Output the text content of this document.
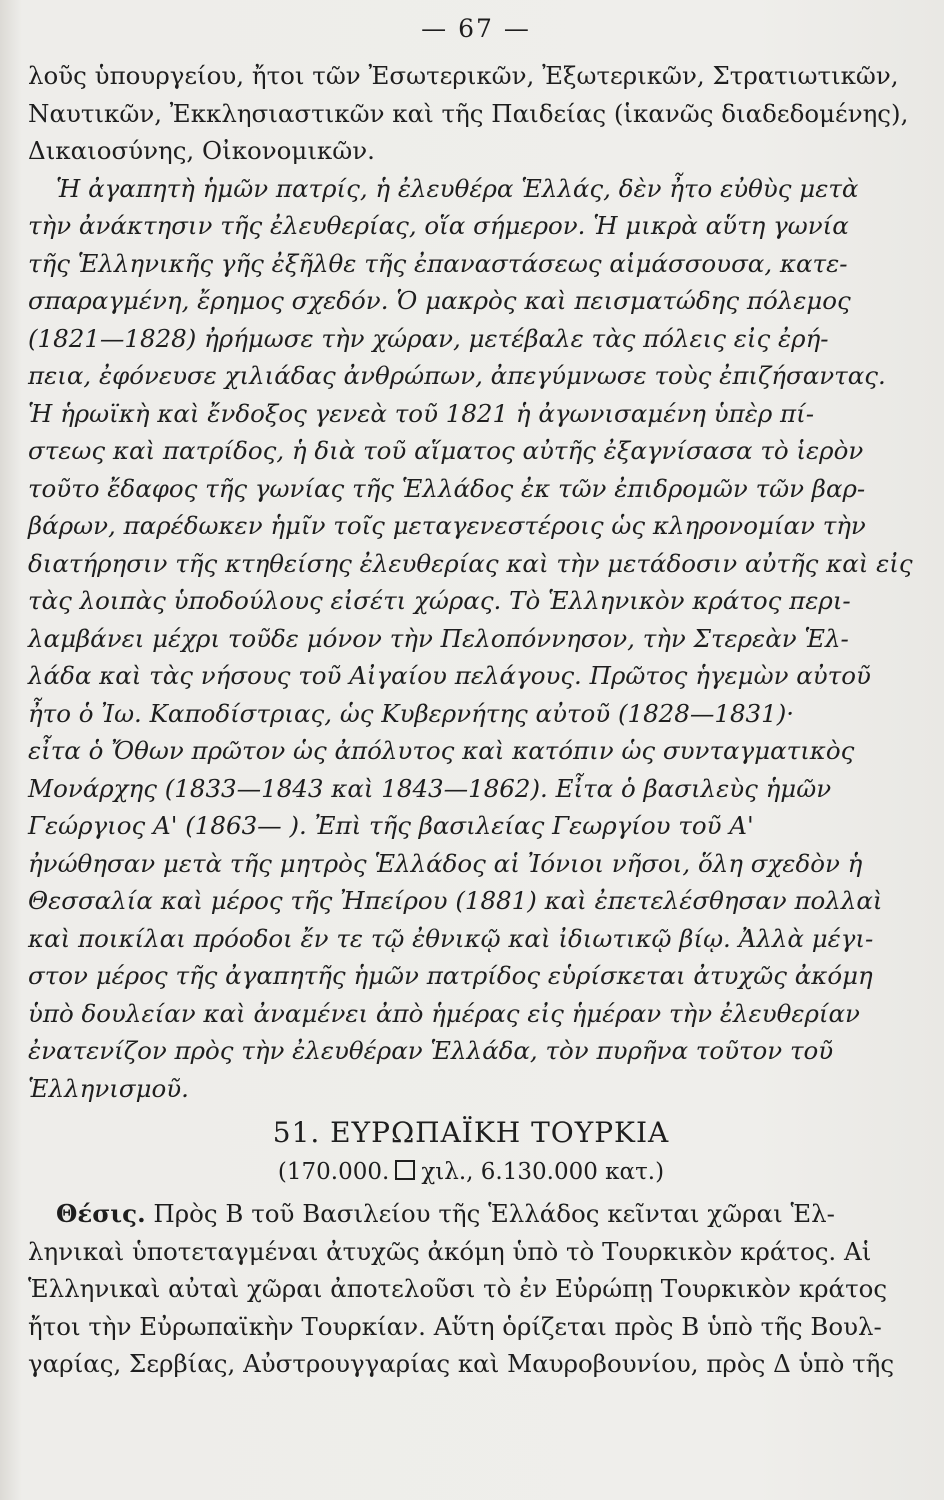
— 67 —
λοῦς ὑπουργείου, ἤτοι τῶν Ἐσωτερικῶν, Ἐξωτερικῶν, Στρατιωτικῶν,
Ναυτικῶν, Ἐκκλησιαστικῶν καὶ τῆς Παιδείας (ἱκανῶς διαδεδομένης),
Δικαιοσύνης, Οἰκονομικῶν.
Ἡ ἀγαπητὴ ἡμῶν πατρίς, ἡ ἐλευθέρα Ἑλλάς, δὲν ἦτο εὐθὺς μετὰ
τὴν ἀνάκτησιν τῆς ἐλευθερίας, οἵα σήμερον. Ἡ μικρὰ αὕτη γωνία
τῆς Ἑλληνικῆς γῆς ἐξῆλθε τῆς ἐπαναστάσεως αἱμάσσουσα, κατε-
σπαραγμένη, ἔρημος σχεδόν. Ὁ μακρὸς καὶ πεισματώδης πόλεμος
(1821—1828) ἠρήμωσε τὴν χώραν, μετέβαλε τὰς πόλεις εἰς ἐρή-
πεια, ἐφόνευσε χιλιάδας ἀνθρώπων, ἀπεγύμνωσε τοὺς ἐπιζήσαντας.
Ἡ ἡρωϊκὴ καὶ ἔνδοξος γενεὰ τοῦ 1821 ἡ ἀγωνισαμένη ὑπὲρ πί-
στεως καὶ πατρίδος, ἡ διὰ τοῦ αἵματος αὐτῆς ἐξαγνίσασα τὸ ἱερὸν
τοῦτο ἔδαφος τῆς γωνίας τῆς Ἑλλάδος ἐκ τῶν ἐπιδρομῶν τῶν βαρ-
βάρων, παρέδωκεν ἡμῖν τοῖς μεταγενεστέροις ὡς κληρονομίαν τὴν
διατήρησιν τῆς κτηθείσης ἐλευθερίας καὶ τὴν μετάδοσιν αὐτῆς καὶ εἰς
τὰς λοιπὰς ὑποδούλους εἰσέτι χώρας. Τὸ Ἑλληνικὸν κράτος περι-
λαμβάνει μέχρι τοῦδε μόνον τὴν Πελοπόννησον, τὴν Στερεὰν Ἑλ-
λάδα καὶ τὰς νήσους τοῦ Αἰγαίου πελάγους. Πρῶτος ἡγεμὼν αὐτοῦ
ἦτο ὁ Ἰω. Καποδίστριας, ὡς Κυβερνήτης αὐτοῦ (1828—1831)·
εἶτα ὁ Ὄθων πρῶτον ὡς ἀπόλυτος καὶ κατόπιν ὡς συνταγματικὸς
Μονάρχης (1833—1843 καὶ 1843—1862). Εἶτα ὁ βασιλεὺς ἡμῶν
Γεώργιος Α' (1863— ). Ἐπὶ τῆς βασιλείας Γεωργίου τοῦ Α'
ἠνώθησαν μετὰ τῆς μητρὸς Ἑλλάδος αἱ Ἰόνιοι νῆσοι, ὅλη σχεδὸν ἡ
Θεσσαλία καὶ μέρος τῆς Ἠπείρου (1881) καὶ ἐπετελέσθησαν πολλαὶ
καὶ ποικίλαι πρόοδοι ἔν τε τῷ ἐθνικῷ καὶ ἰδιωτικῷ βίῳ. Ἀλλὰ μέγι-
στον μέρος τῆς ἀγαπητῆς ἡμῶν πατρίδος εὑρίσκεται ἀτυχῶς ἀκόμη
ὑπὸ δουλείαν καὶ ἀναμένει ἀπὸ ἡμέρας εἰς ἡμέραν τὴν ἐλευθερίαν
ἐνατενίζον πρὸς τὴν ἐλευθέραν Ἑλλάδα, τὸν πυρῆνα τοῦτον τοῦ
Ἑλληνισμοῦ.
51. ΕΥΡΩΠΑΪΚΗ ΤΟΥΡΚΙΑ
(170.000. χιλ., 6.130.000 κατ.)
Θέσις. Πρὸς Β τοῦ Βασιλείου τῆς Ἑλλάδος κεῖνται χῶραι Ἑλ-
ληνικαὶ ὑποτεταγμέναι ἀτυχῶς ἀκόμη ὑπὸ τὸ Τουρκικὸν κράτος. Αἱ
Ἑλληνικαὶ αὐταὶ χῶραι ἀποτελοῦσι τὸ ἐν Εὐρώπῃ Τουρκικὸν κράτος
ἤτοι τὴν Εὐρωπαϊκὴν Τουρκίαν. Αὕτη ὁρίζεται πρὸς Β ὑπὸ τῆς Βουλ-
γαρίας, Σερβίας, Αὐστρουγγαρίας καὶ Μαυροβουνίου, πρὸς Δ ὑπὸ τῆς
